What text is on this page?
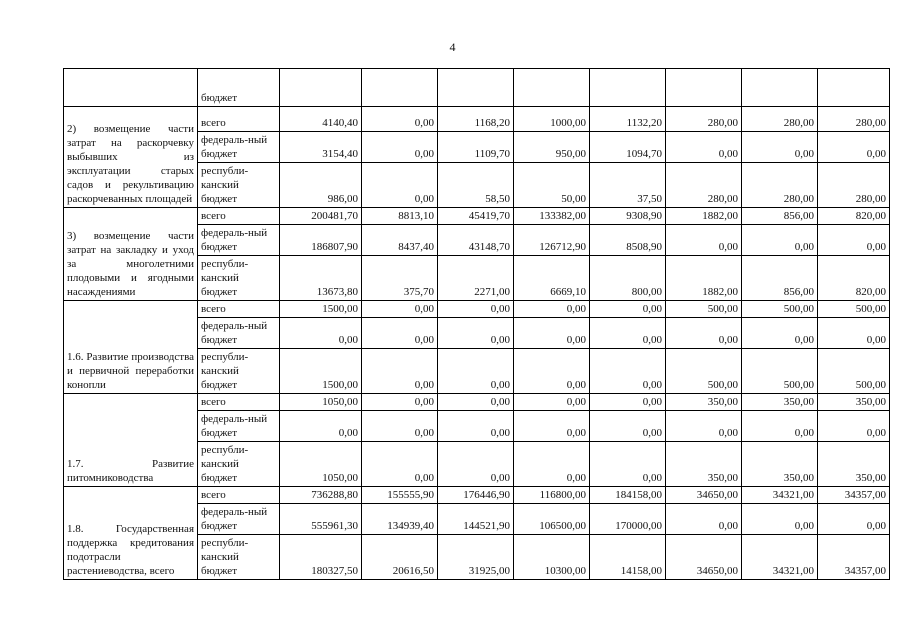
4
	бюджет								
2) возмещение части затрат на раскорчевку выбывших из эксплуатации старых садов и рекультивацию раскорчеванных площадей	всего	4140,40	0,00	1168,20	1000,00	1132,20	280,00	280,00	280,00
	федераль-ный бюджет	3154,40	0,00	1109,70	950,00	1094,70	0,00	0,00	0,00
	республи-канский бюджет	986,00	0,00	58,50	50,00	37,50	280,00	280,00	280,00
3) возмещение части затрат на закладку и уход за многолетними плодовыми и ягодными насаждениями	всего	200481,70	8813,10	45419,70	133382,00	9308,90	1882,00	856,00	820,00
	федераль-ный бюджет	186807,90	8437,40	43148,70	126712,90	8508,90	0,00	0,00	0,00
	республи-канский бюджет	13673,80	375,70	2271,00	6669,10	800,00	1882,00	856,00	820,00
1.6. Развитие производства и первичной переработки конопли	всего	1500,00	0,00	0,00	0,00	0,00	500,00	500,00	500,00
	федераль-ный бюджет	0,00	0,00	0,00	0,00	0,00	0,00	0,00	0,00
	республи-канский бюджет	1500,00	0,00	0,00	0,00	0,00	500,00	500,00	500,00
1.7. Развитие питомниководства	всего	1050,00	0,00	0,00	0,00	0,00	350,00	350,00	350,00
	федераль-ный бюджет	0,00	0,00	0,00	0,00	0,00	0,00	0,00	0,00
	республи-канский бюджет	1050,00	0,00	0,00	0,00	0,00	350,00	350,00	350,00
1.8. Государственная поддержка кредитования подотрасли растениеводства, всего	всего	736288,80	155555,90	176446,90	116800,00	184158,00	34650,00	34321,00	34357,00
	федераль-ный бюджет	555961,30	134939,40	144521,90	106500,00	170000,00	0,00	0,00	0,00
	республи-канский бюджет	180327,50	20616,50	31925,00	10300,00	14158,00	34650,00	34321,00	34357,00
